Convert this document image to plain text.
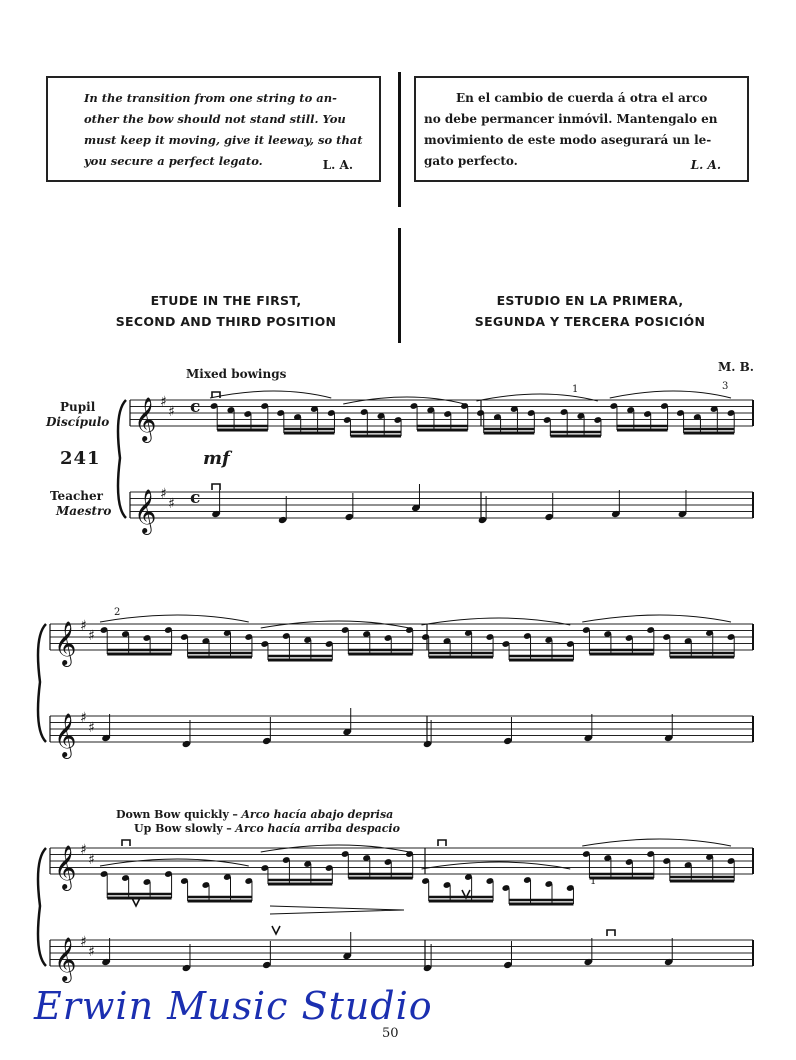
In the transition from one string to an-
other the bow should not stand still. You
must keep it moving, give it leeway, so that
you secure a perfect legato.	L. A.
En el cambio de cuerda á otra el arco
no debe permancer inmóvil. Mantengalo en
movimiento de este modo asegurará un le-
gato perfecto.	L. A.
ETUDE IN THE FIRST,
SECOND AND THIRD POSITION
ESTUDIO EN LA PRIMERA,
SEGUNDA Y TERCERA POSICIÓN
M. B.
Mixed bowings
Pupil
Discípulo
241
Teacher
Maestro
mf
c
c
1	3
2
1
Down Bow quickly – Arco hacía abajo deprisa
Up Bow slowly – Arco hacía arriba despacio
𝄞 ♯
♯
𝄞 ♯
♯
𝄞 ♯
♯
𝄞 ♯
♯
𝄞 ♯
♯
𝄞 ♯
♯
Erwin Music Studio
50
